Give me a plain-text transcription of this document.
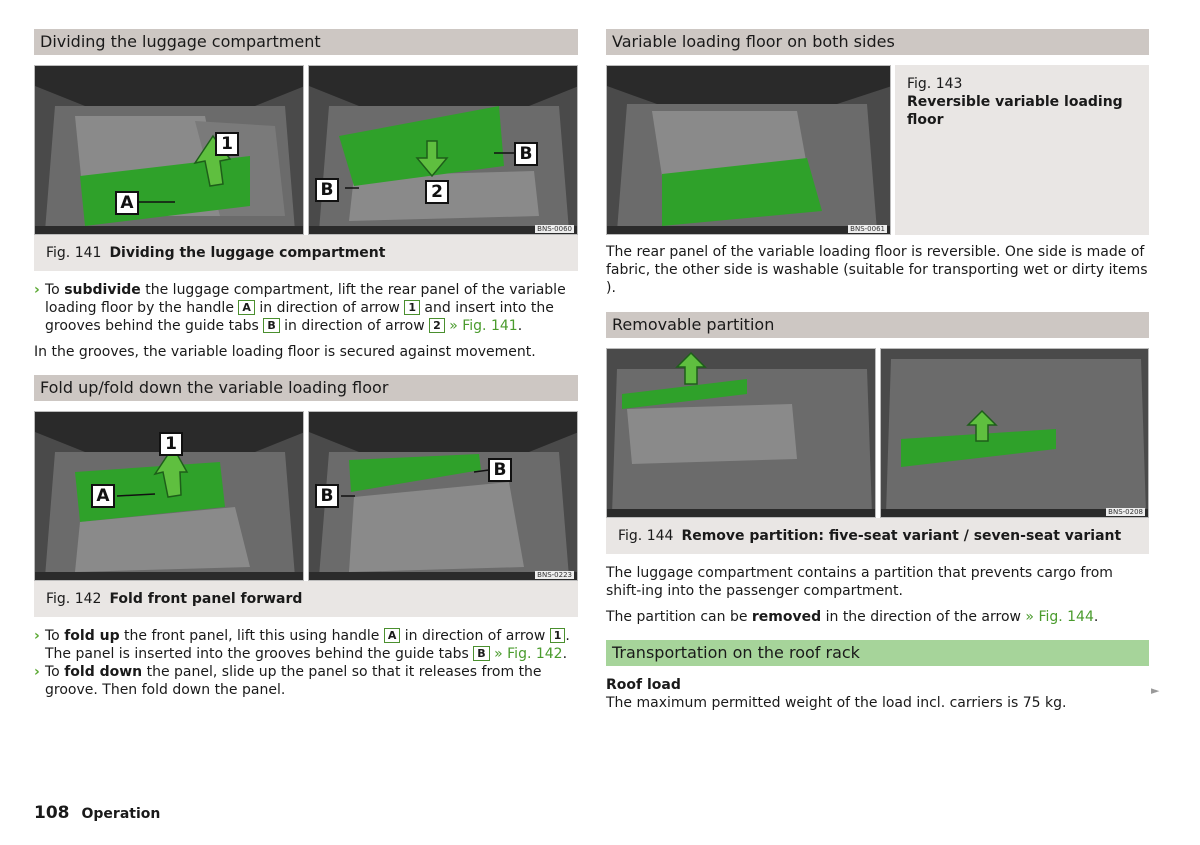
Dividing the luggage compartment
A
1
B
B
2
BNS-0060
Fig. 141 Dividing the luggage compartment
› To subdivide the luggage compartment, lift the rear panel of the variable loading floor by the handle A in direction of arrow 1 and insert into the grooves behind the guide tabs B in direction of arrow 2 » Fig. 141.

In the grooves, the variable loading floor is secured against movement.

Fold up/fold down the variable loading floor
A
1
B
B
BNS-0223
Fig. 142 Fold front panel forward
› To fold up the front panel, lift this using handle A in direction of arrow 1 . The panel is inserted into the grooves behind the guide tabs B » Fig. 142.
› To fold down the panel, slide up the panel so that it releases from the groove. Then fold down the panel.
Variable loading floor on both sides
BNS-0061
Fig. 143
Reversible variable loading floor

The rear panel of the variable loading floor is reversible. One side is made of fabric, the other side is washable (suitable for transporting wet or dirty items ).

Removable partition
BNS-0208
Fig. 144 Remove partition: five-seat variant / seven-seat variant

The luggage compartment contains a partition that prevents cargo from shift-ing into the passenger compartment.

The partition can be removed in the direction of the arrow » Fig. 144.

Transportation on the roof rack
Roof load

The maximum permitted weight of the load incl. carriers is 75 kg.

►
108 Operation
